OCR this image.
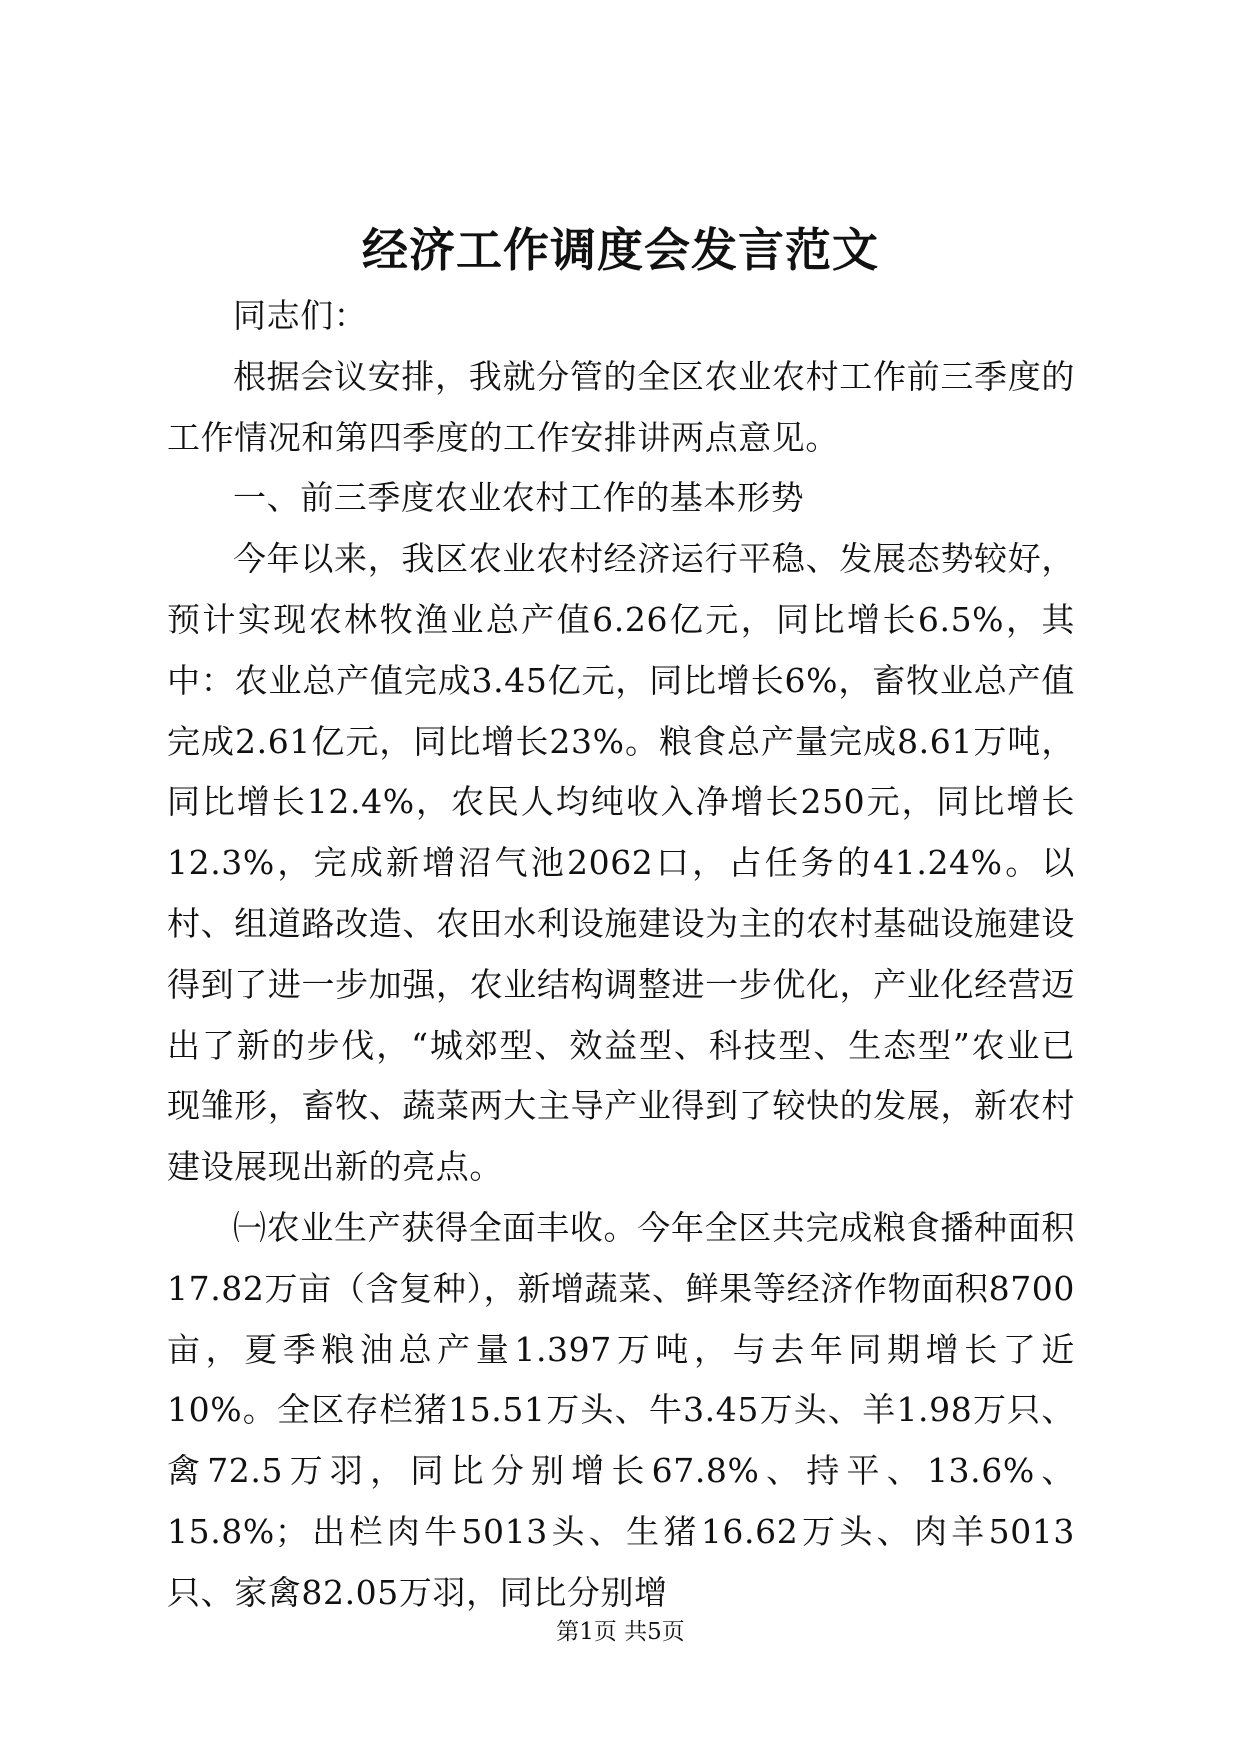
经济工作调度会发言范文

同志们：

根据会议安排，我就分管的全区农业农村工作前三季度的工作情况和第四季度的工作安排讲两点意见。

一、前三季度农业农村工作的基本形势

今年以来，我区农业农村经济运行平稳、发展态势较好，预计实现农林牧渔业总产值6.26亿元，同比增长6.5%，其中：农业总产值完成3.45亿元，同比增长6%，畜牧业总产值完成2.61亿元，同比增长23%。粮食总产量完成8.61万吨，同比增长12.4%，农民人均纯收入净增长250元，同比增长12.3%，完成新增沼气池2062口，占任务的41.24%。以村、组道路改造、农田水利设施建设为主的农村基础设施建设得到了进一步加强，农业结构调整进一步优化，产业化经营迈出了新的步伐，“城郊型、效益型、科技型、生态型”农业已现雏形，畜牧、蔬菜两大主导产业得到了较快的发展，新农村建设展现出新的亮点。

㈠农业生产获得全面丰收。今年全区共完成粮食播种面积17.82万亩（含复种），新增蔬菜、鲜果等经济作物面积8700亩，夏季粮油总产量1.397万吨，与去年同期增长了近10%。全区存栏猪15.51万头、牛3.45万头、羊1.98万只、禽72.5万羽，同比分别增长67.8%、持平、13.6%、15.8%；出栏肉牛5013头、生猪16.62万头、肉羊5013只、家禽82.05万羽，同比分别增

第1页 共5页
